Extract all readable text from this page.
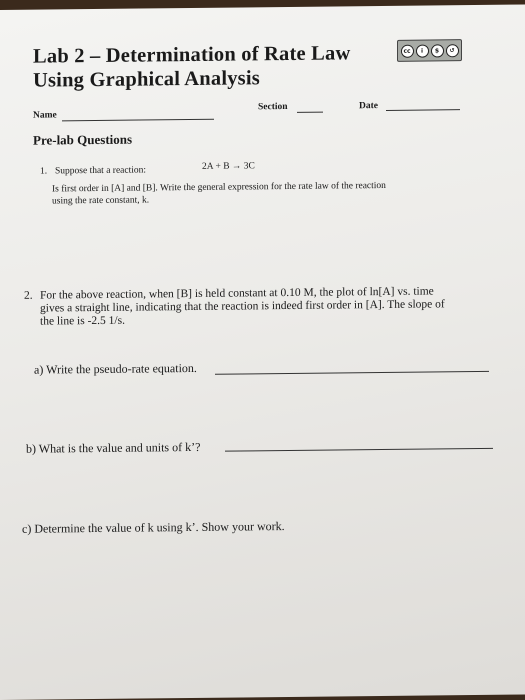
Lab 2 – Determination of Rate Law
Using Graphical Analysis
cc	i	$	↺
Name
Section	Date
Pre-lab Questions
1. Suppose that a reaction:	2A + B → 3C
Is first order in [A] and [B]. Write the general expression for the rate law of the reaction
using the rate constant, k.
2. For the above reaction, when [B] is held constant at 0.10 M, the plot of ln[A] vs. time
gives a straight line, indicating that the reaction is indeed first order in [A]. The slope of
the line is -2.5 1/s.
a) Write the pseudo-rate equation.
b) What is the value and units of k’?
c) Determine the value of k using k’. Show your work.
